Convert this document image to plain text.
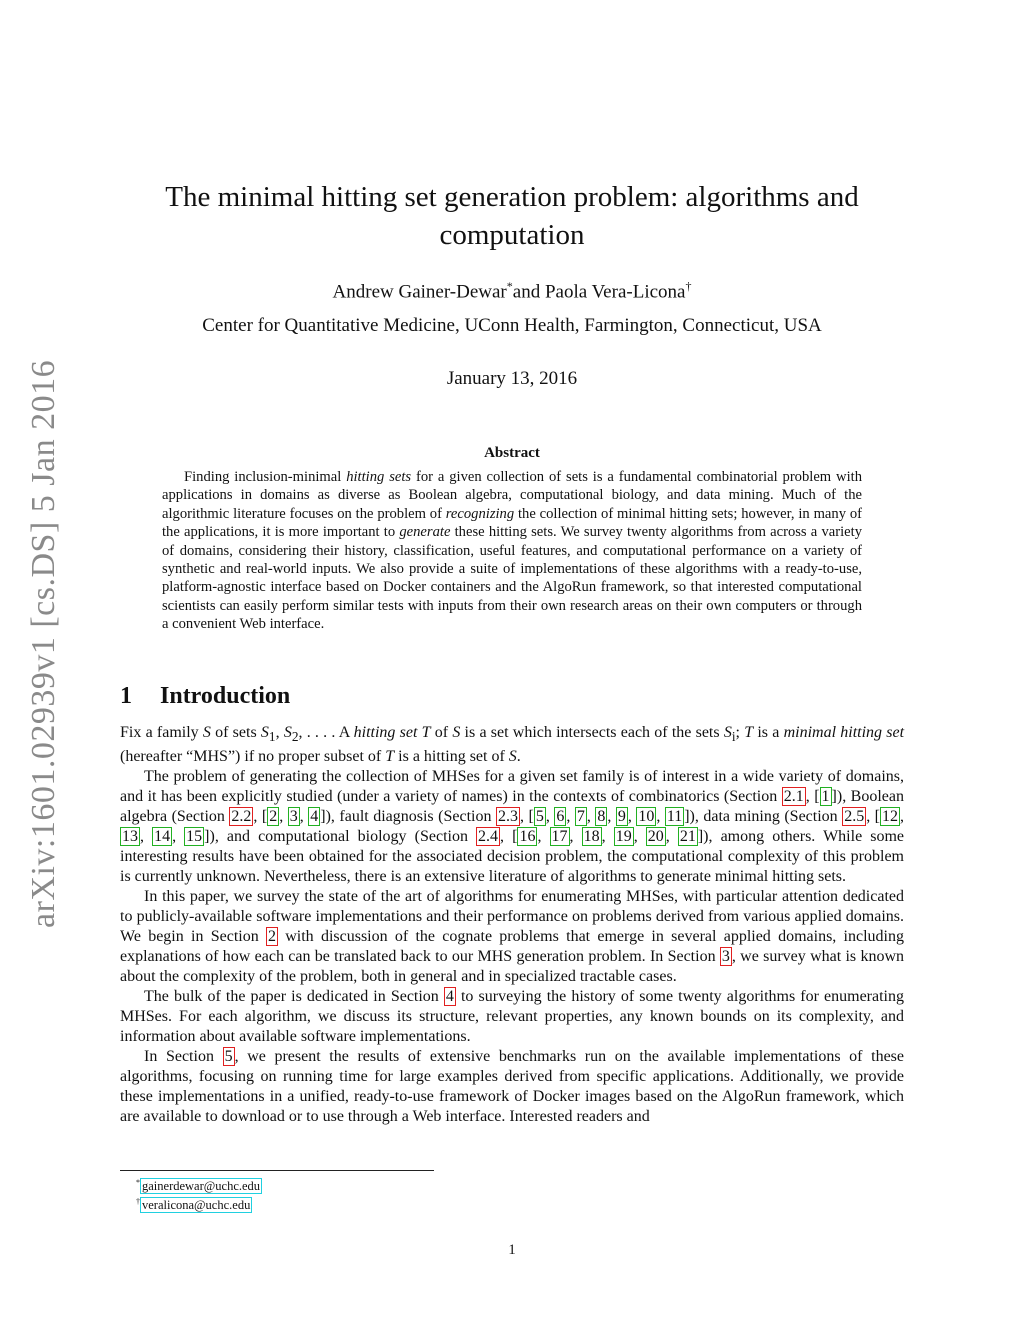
arXiv:1601.02939v1 [cs.DS] 5 Jan 2016
The minimal hitting set generation problem: algorithms and computation
Andrew Gainer-Dewar*and Paola Vera-Licona†
Center for Quantitative Medicine, UConn Health, Farmington, Connecticut, USA
January 13, 2016
Abstract
Finding inclusion-minimal hitting sets for a given collection of sets is a fundamental combinatorial problem with applications in domains as diverse as Boolean algebra, computational biology, and data mining. Much of the algorithmic literature focuses on the problem of recognizing the collection of minimal hitting sets; however, in many of the applications, it is more important to generate these hitting sets. We survey twenty algorithms from across a variety of domains, considering their history, classification, useful features, and computational performance on a variety of synthetic and real-world inputs. We also provide a suite of implementations of these algorithms with a ready-to-use, platform-agnostic interface based on Docker containers and the AlgoRun framework, so that interested computational scientists can easily perform similar tests with inputs from their own research areas on their own computers or through a convenient Web interface.
1 Introduction

Fix a family S of sets $S_1$, $S_2$, . . . . A hitting set T of S is a set which intersects each of the sets $S_i$; T is a minimal hitting set (hereafter “MHS”) if no proper subset of T is a hitting set of S.

The problem of generating the collection of MHSes for a given set family is of interest in a wide variety of domains, and it has been explicitly studied (under a variety of names) in the contexts of combinatorics (Section 2.1 , [ 1 ]), Boolean algebra (Section 2.2 , [ 2 , 3 , 4 ]), fault diagnosis (Section 2.3 , [ 5 , 6 , 7 , 8 , 9 , 10 , 11 ]), data mining (Section 2.5 , [ 12 , 13 , 14 , 15 ]), and computational biology (Section 2.4 , [ 16 , 17 , 18 , 19 , 20 , 21 ]), among others. While some interesting results have been obtained for the associated decision problem, the computational complexity of this problem is currently unknown. Nevertheless, there is an extensive literature of algorithms to generate minimal hitting sets.

In this paper, we survey the state of the art of algorithms for enumerating MHSes, with particular attention dedicated to publicly-available software implementations and their performance on problems derived from various applied domains. We begin in Section 2 with discussion of the cognate problems that emerge in several applied domains, including explanations of how each can be translated back to our MHS generation problem. In Section 3 , we survey what is known about the complexity of the problem, both in general and in specialized tractable cases.

The bulk of the paper is dedicated in Section 4 to surveying the history of some twenty algorithms for enumerating MHSes. For each algorithm, we discuss its structure, relevant properties, any known bounds on its complexity, and information about available software implementations.

In Section 5 , we present the results of extensive benchmarks run on the available implementations of these algorithms, focusing on running time for large examples derived from specific applications. Additionally, we provide these implementations in a unified, ready-to-use framework of Docker images based on the AlgoRun framework, which are available to download or to use through a Web interface. Interested readers and

* gainerdewar@uchc.edu
† veralicona@uchc.edu
1
